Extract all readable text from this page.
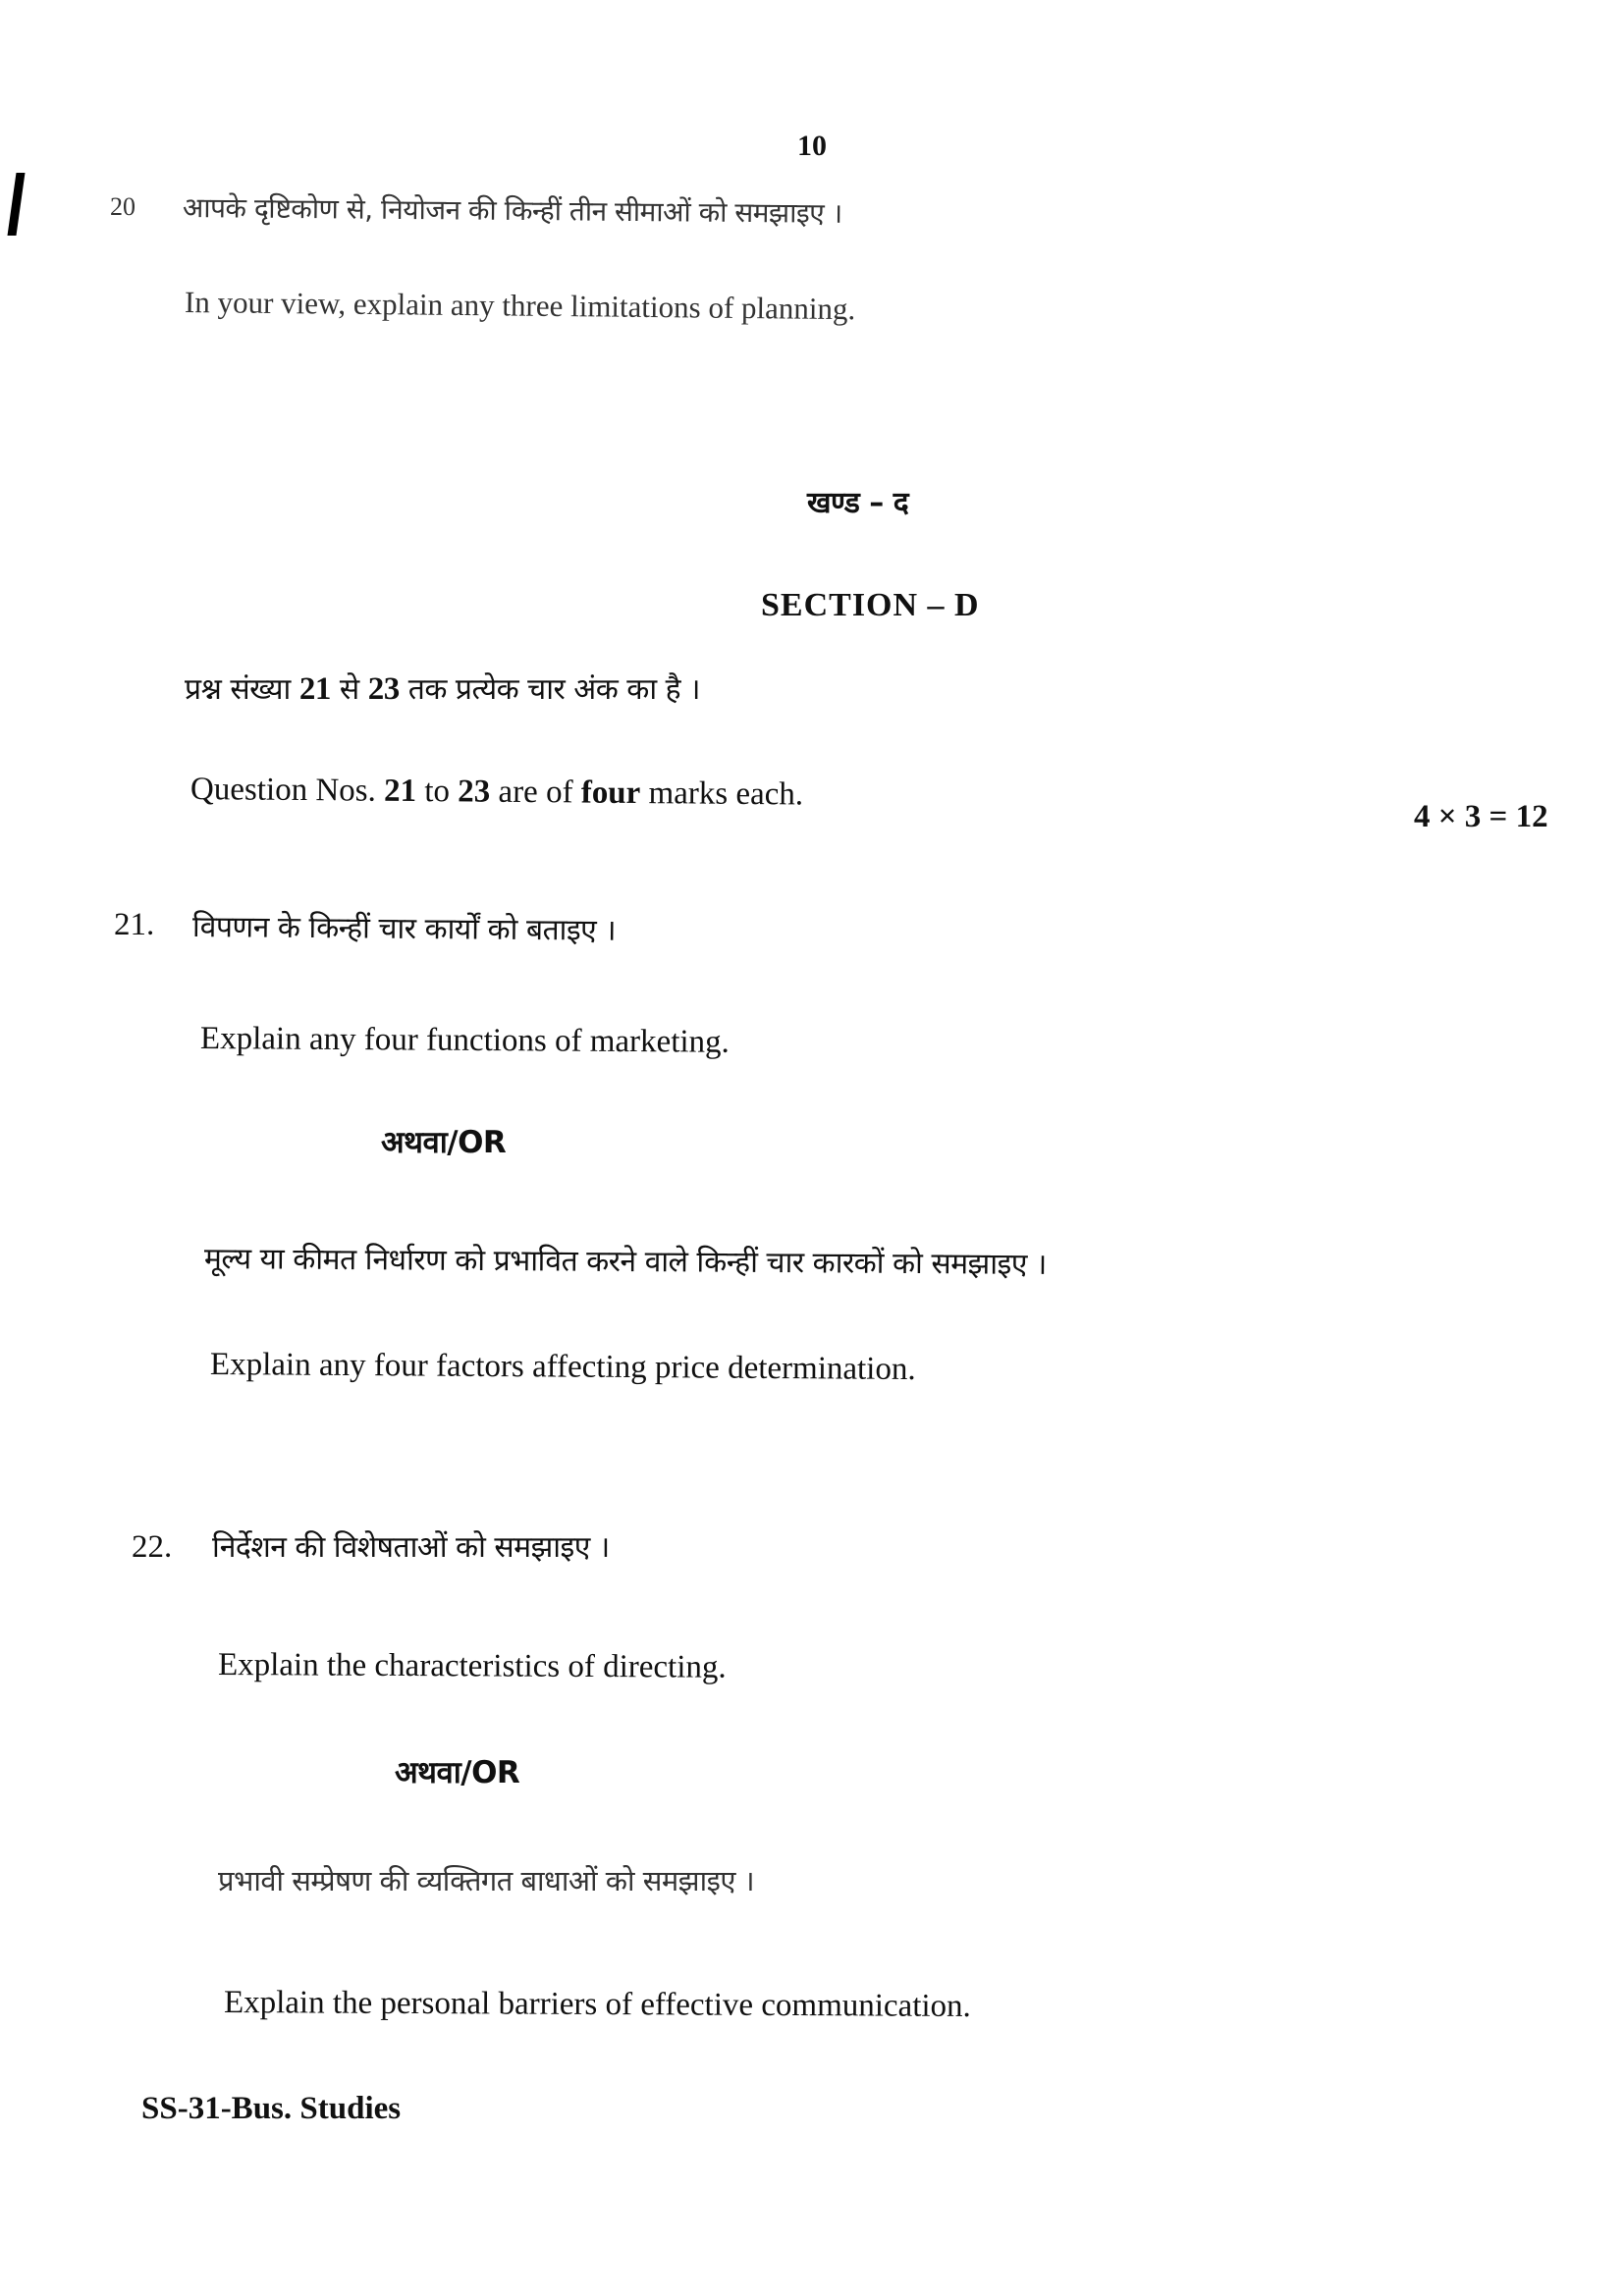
10
20 आपके दृष्टिकोण से, नियोजन की किन्हीं तीन सीमाओं को समझाइए ।
In your view, explain any three limitations of planning.
खण्ड – द
SECTION – D
प्रश्न संख्या 21 से 23 तक प्रत्येक चार अंक का है ।
Question Nos. 21 to 23 are of four marks each.
4 × 3 = 12
21. विपणन के किन्हीं चार कार्यों को बताइए ।
Explain any four functions of marketing.
अथवा/OR
मूल्य या कीमत निर्धारण को प्रभावित करने वाले किन्हीं चार कारकों को समझाइए ।
Explain any four factors affecting price determination.
22. निर्देशन की विशेषताओं को समझाइए ।
Explain the characteristics of directing.
अथवा/OR
प्रभावी सम्प्रेषण की व्यक्तिगत बाधाओं को समझाइए ।
Explain the personal barriers of effective communication.
SS-31-Bus. Studies
